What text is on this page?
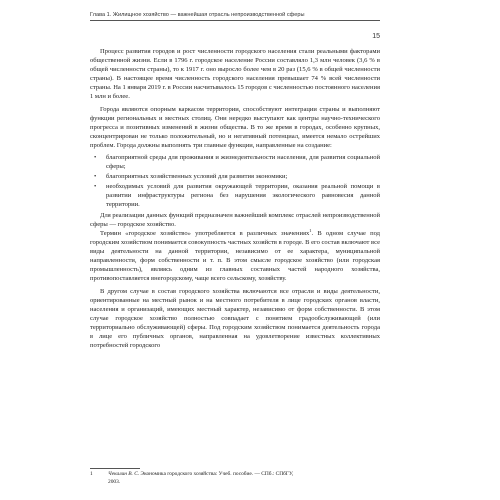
Глава 1. Жилищное хозяйство — важнейшая отрасль непроизводственной сферы
15

Процесс развития городов и рост численности городского населения стали реальными факторами общественной жизни. Если в 1796 г. городское население России составляло 1,3 млн человек (3,6 % в общей численности страны), то к 1917 г. оно выросло более чем в 20 раз (15,6 % в общей численности страны). В настоящее время численность городского населения превышает 74 % всей численности страны. На 1 января 2019 г. в России насчитывалось 15 городов с численностью постоянного населения 1 млн и более.

Города являются опорным каркасом территории, способствуют интеграции страны и выполняют функции региональных и местных столиц. Они нередко выступают как центры научно-технического прогресса и позитивных изменений в жизни общества. В то же время в городах, особенно крупных, сконцентрирован не только положительный, но и негативный потенциал, имеется немало острейших проблем. Города должны выполнять три главные функции, направленные на создание:

• благоприятной среды для проживания и жизнедеятельности населения, для развития социальной сферы;
• благоприятных хозяйственных условий для развития экономики;
• необходимых условий для развития окружающей территории, оказания реальной помощи в развитии инфраструктуры региона без нарушения экологического равновесия данной территории.

Для реализации данных функций предназначен важнейший комплекс отраслей непроизводственной сферы — городское хозяйство.

Термин «городское хозяйство» употребляется в различных значениях$^1$. В одном случае под городским хозяйством понимается совокупность частных хозяйств в городе. В его состав включают все виды деятельности на данной территории, независимо от ее характера, муниципальной направленности, форм собственности и т. п. В этом смысле городское хозяйство (или городская промышленность), являясь одним из главных составных частей народного хозяйства, противопоставляется внегородскому, чаще всего сельскому, хозяйству.

В другом случае в состав городского хозяйства включаются все отрасли и виды деятельности, ориентированные на местный рынок и на местного потребителя в лице городских органов власти, населения и организаций, имеющих местный характер, независимо от форм собственности. В этом случае городское хозяйство полностью совпадает с понятием градообслуживающей (или территориально обслуживающей) сферы. Под городским хозяйством понимается деятельность города в лице его публичных органов, направленная на удовлетворение известных коллективных потребностей городского

1	Чекалин В. С. Экономика городского хозяйства: Учеб. пособие. — СПб.: СПбГУ,
2003.
